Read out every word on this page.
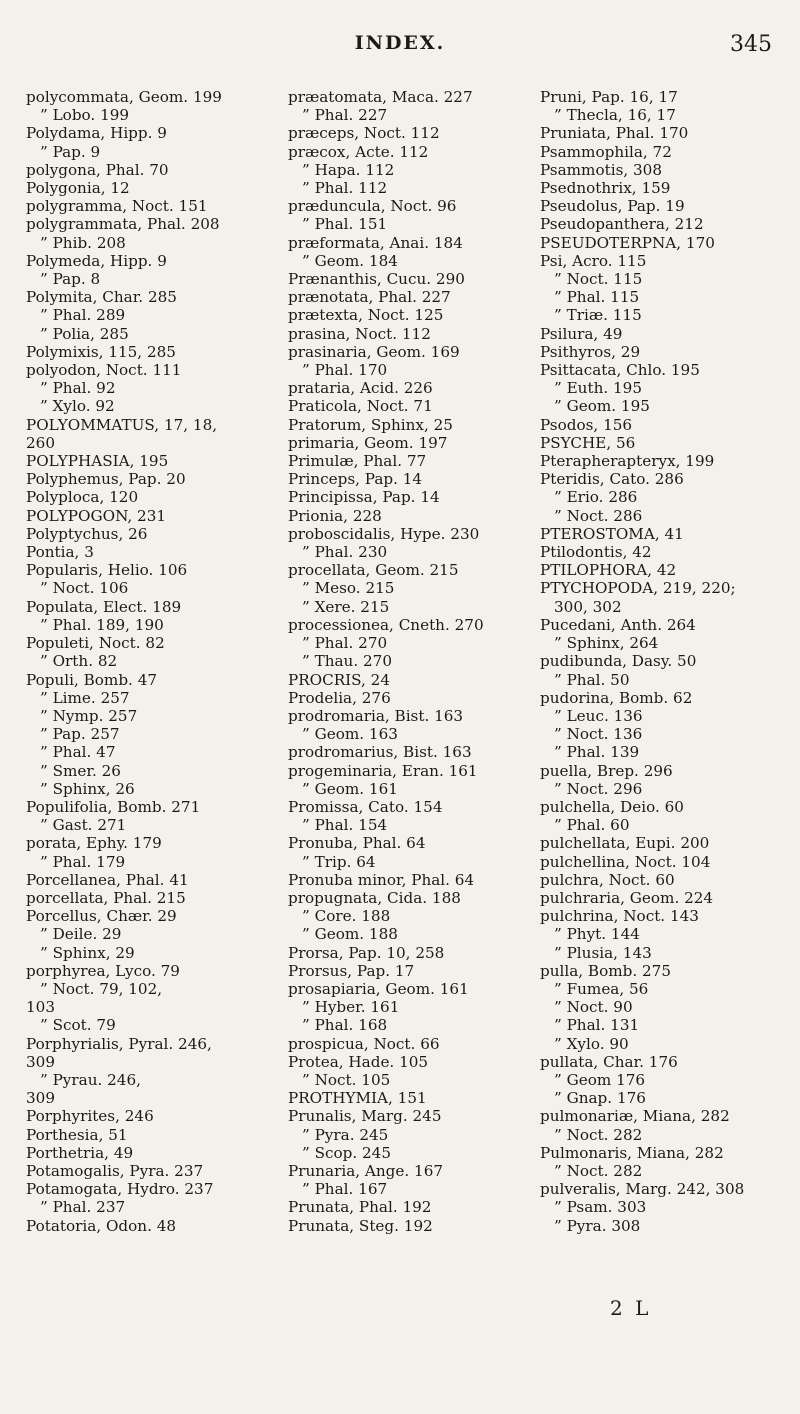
INDEX.	345
polycommata, Geom. 199
” Lobo. 199
Polydama, Hipp. 9
” Pap. 9
polygona, Phal. 70
Polygonia, 12
polygramma, Noct. 151
polygrammata, Phal. 208
” Phib. 208
Polymeda, Hipp. 9
” Pap. 8
Polymita, Char. 285
” Phal. 289
” Polia, 285
Polymixis, 115, 285
polyodon, Noct. 111
” Phal. 92
” Xylo. 92
POLYOMMATUS, 17, 18,
260
POLYPHASIA, 195
Polyphemus, Pap. 20
Polyploca, 120
POLYPOGON, 231
Polyptychus, 26
Pontia, 3
Popularis, Helio. 106
” Noct. 106
Populata, Elect. 189
” Phal. 189, 190
Populeti, Noct. 82
” Orth. 82
Populi, Bomb. 47
” Lime. 257
” Nymp. 257
” Pap. 257
” Phal. 47
” Smer. 26
” Sphinx, 26
Populifolia, Bomb. 271
” Gast. 271
porata, Ephy. 179
” Phal. 179
Porcellanea, Phal. 41
porcellata, Phal. 215
Porcellus, Chær. 29
” Deile. 29
” Sphinx, 29
porphyrea, Lyco. 79
” Noct. 79, 102,
103
” Scot. 79
Porphyrialis, Pyral. 246,
309
” Pyrau. 246,
309
Porphyrites, 246
Porthesia, 51
Porthetria, 49
Potamogalis, Pyra. 237
Potamogata, Hydro. 237
” Phal. 237
Potatoria, Odon. 48
præatomata, Maca. 227
” Phal. 227
præceps, Noct. 112
præcox, Acte. 112
” Hapa. 112
” Phal. 112
præduncula, Noct. 96
” Phal. 151
præformata, Anai. 184
” Geom. 184
Prænanthis, Cucu. 290
prænotata, Phal. 227
prætexta, Noct. 125
prasina, Noct. 112
prasinaria, Geom. 169
” Phal. 170
prataria, Acid. 226
Praticola, Noct. 71
Pratorum, Sphinx, 25
primaria, Geom. 197
Primulæ, Phal. 77
Princeps, Pap. 14
Principissa, Pap. 14
Prionia, 228
proboscidalis, Hype. 230
” Phal. 230
procellata, Geom. 215
” Meso. 215
” Xere. 215
processionea, Cneth. 270
” Phal. 270
” Thau. 270
PROCRIS, 24
Prodelia, 276
prodromaria, Bist. 163
” Geom. 163
prodromarius, Bist. 163
progeminaria, Eran. 161
” Geom. 161
Promissa, Cato. 154
” Phal. 154
Pronuba, Phal. 64
” Trip. 64
Pronuba minor, Phal. 64
propugnata, Cida. 188
” Core. 188
” Geom. 188
Prorsa, Pap. 10, 258
Prorsus, Pap. 17
prosapiaria, Geom. 161
” Hyber. 161
” Phal. 168
prospicua, Noct. 66
Protea, Hade. 105
” Noct. 105
PROTHYMIA, 151
Prunalis, Marg. 245
” Pyra. 245
” Scop. 245
Prunaria, Ange. 167
” Phal. 167
Prunata, Phal. 192
Prunata, Steg. 192
Pruni, Pap. 16, 17
” Thecla, 16, 17
Pruniata, Phal. 170
Psammophila, 72
Psammotis, 308
Psednothrix, 159
Pseudolus, Pap. 19
Pseudopanthera, 212
PSEUDOTERPNA, 170
Psi, Acro. 115
” Noct. 115
” Phal. 115
” Triæ. 115
Psilura, 49
Psithyros, 29
Psittacata, Chlo. 195
” Euth. 195
” Geom. 195
Psodos, 156
PSYCHE, 56
Pterapherapteryx, 199
Pteridis, Cato. 286
” Erio. 286
” Noct. 286
PTEROSTOMA, 41
Ptilodontis, 42
PTILOPHORA, 42
PTYCHOPODA, 219, 220;
300, 302
Pucedani, Anth. 264
” Sphinx, 264
pudibunda, Dasy. 50
” Phal. 50
pudorina, Bomb. 62
” Leuc. 136
” Noct. 136
” Phal. 139
puella, Brep. 296
” Noct. 296
pulchella, Deio. 60
” Phal. 60
pulchellata, Eupi. 200
pulchellina, Noct. 104
pulchra, Noct. 60
pulchraria, Geom. 224
pulchrina, Noct. 143
” Phyt. 144
” Plusia, 143
pulla, Bomb. 275
” Fumea, 56
” Noct. 90
” Phal. 131
” Xylo. 90
pullata, Char. 176
” Geom 176
” Gnap. 176
pulmonariæ, Miana, 282
” Noct. 282
Pulmonaris, Miana, 282
” Noct. 282
pulveralis, Marg. 242, 308
” Psam. 303
” Pyra. 308
2 L
